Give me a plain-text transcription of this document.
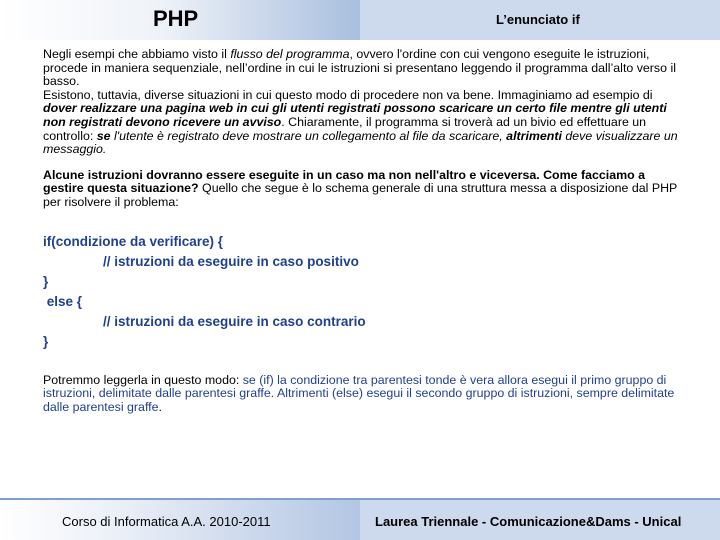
PHP	L’enunciato if

Negli esempi che abbiamo visto il flusso del programma, ovvero l'ordine con cui vengono eseguite le istruzioni, procede in maniera sequenziale, nell’ordine in cui le istruzioni si presentano leggendo il programma dall’alto verso il basso.
Esistono, tuttavia, diverse situazioni in cui questo modo di procedere non va bene. Immaginiamo ad esempio di dover realizzare una pagina web in cui gli utenti registrati possono scaricare un certo file mentre gli utenti non registrati devono ricevere un avviso. Chiaramente, il programma si troverà ad un bivio ed effettuare un controllo: se l'utente è registrato deve mostrare un collegamento al file da scaricare, altrimenti deve visualizzare un messaggio.

Alcune istruzioni dovranno essere eseguite in un caso ma non nell'altro e viceversa. Come facciamo a gestire questa situazione? Quello che segue è lo schema generale di una struttura messa a disposizione dal PHP per risolvere il problema:

if(condizione da verificare) {
// istruzioni da eseguire in caso positivo
}
else {
// istruzioni da eseguire in caso contrario
}

Potremmo leggerla in questo modo: se (if) la condizione tra parentesi tonde è vera allora esegui il primo gruppo di istruzioni, delimitate dalle parentesi graffe. Altrimenti (else) esegui il secondo gruppo di istruzioni, sempre delimitate dalle parentesi graffe.

Corso di Informatica A.A. 2010-2011	Laurea Triennale - Comunicazione&Dams - Unical
